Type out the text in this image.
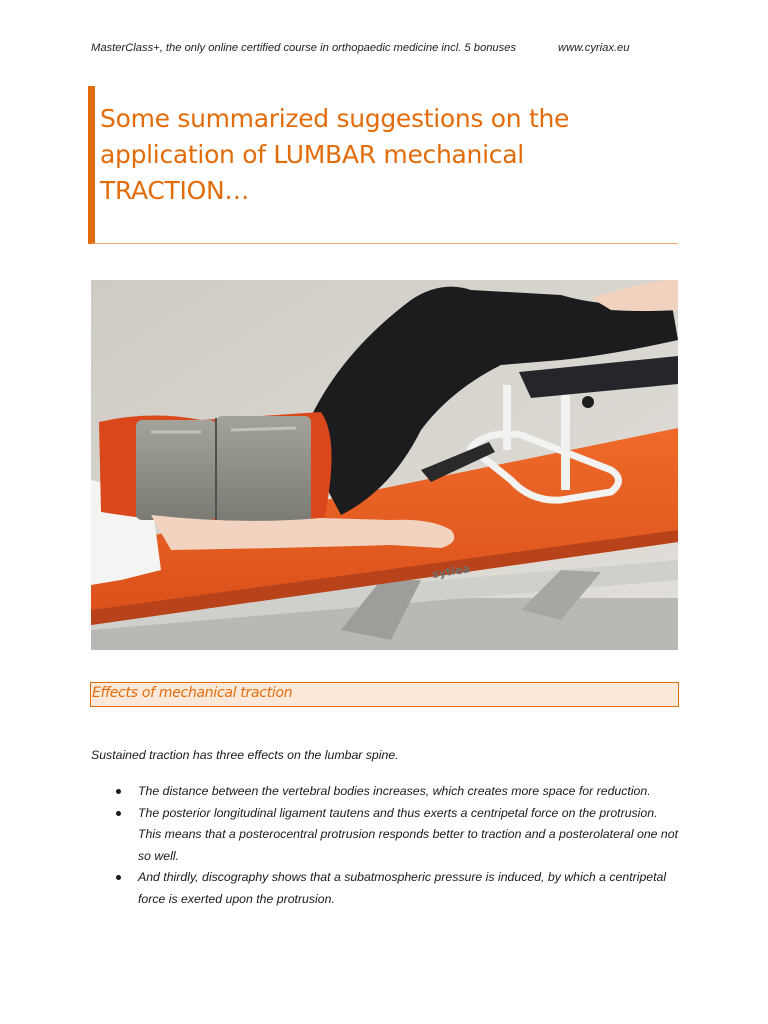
MasterClass+, the only online certified course in orthopaedic medicine incl. 5 bonuses	www.cyriax.eu
Some summarized suggestions on the
application of LUMBAR mechanical
TRACTION…
sytiea
Effects of mechanical traction

Sustained traction has three effects on the lumbar spine.

The distance between the vertebral bodies increases, which creates more space for reduction.
The posterior longitudinal ligament tautens and thus exerts a centripetal force on the protrusion. This means that a posterocentral protrusion responds better to traction and a posterolateral one not so well.
And thirdly, discography shows that a subatmospheric pressure is induced, by which a centripetal force is exerted upon the protrusion.
